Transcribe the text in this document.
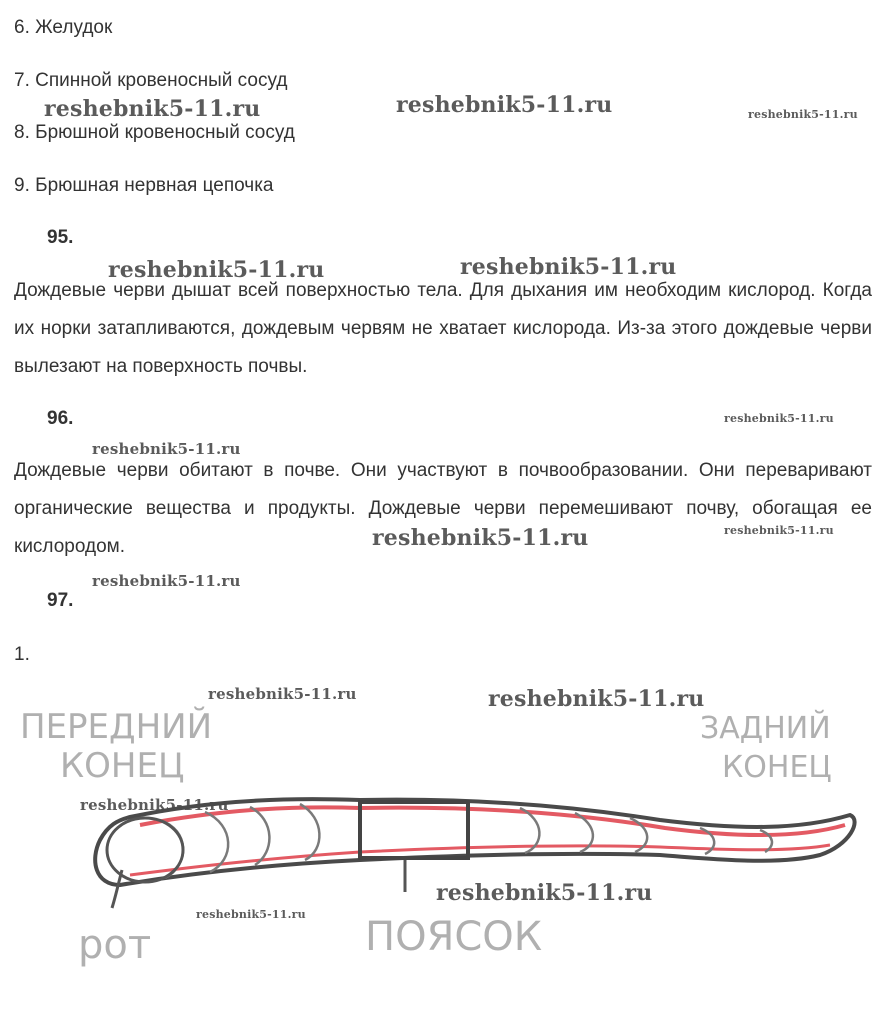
6. Желудок
7. Спинной кровеносный сосуд
8. Брюшной кровеносный сосуд
9. Брюшная нервная цепочка
95.
Дождевые черви дышат всей поверхностью тела. Для дыхания им необходим кислород. Когда их норки затапливаются, дождевым червям не хватает кислорода. Из-за этого дождевые черви вылезают на поверхность почвы.
96.
Дождевые черви обитают в почве. Они участвуют в почвообразовании. Они переваривают органические вещества и продукты. Дождевые черви перемешивают почву, обогащая ее кислородом.
97.
1.
reshebnik5-11.ru	reshebnik5-11.ru	reshebnik5-11.ru
reshebnik5-11.ru	reshebnik5-11.ru
reshebnik5-11.ru
reshebnik5-11.ru
reshebnik5-11.ru
reshebnik5-11.ru
reshebnik5-11.ru
reshebnik5-11.ru	reshebnik5-11.ru
reshebnik5-11.ru
reshebnik5-11.ru
reshebnik5-11.ru
ПЕРЕДНИЙ
КОНЕЦ
ЗАДНИЙ
КОНЕЦ
рот	ПОЯСОК
